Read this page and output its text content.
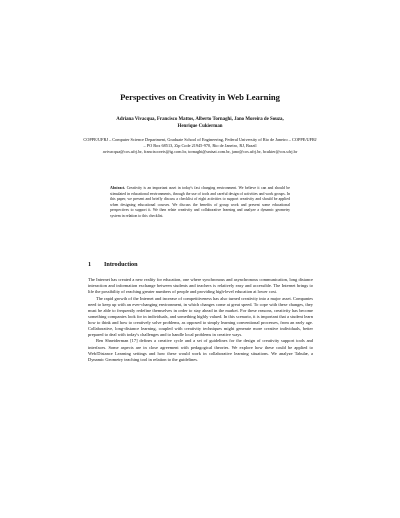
Perspectives on Creativity in Web Learning
Adriana Vivacqua, Francisco Mattos, Alberto Tornaghi, Jano Moreira de Souza,
Henrique Cukierman
COPPE/UFRJ – Computer Science Department, Graduate School of Engineering, Federal University of Rio de Janeiro – COPPE/UFRJ – PO Box 68513, Zip Code 21945-970, Rio de Janeiro, RJ, Brazil
avivacqua@cos.ufrj.br, franciscoreis@ig.com.br, tornaghi@unisat.com.br, jano@cos.ufrj.br, hcukier@cos.ufrj.br
Abstract. Creativity is an important asset in today's fast changing environment. We believe it can and should be stimulated in educational environments, through the use of tools and careful design of activities and work groups. In this paper, we present and briefly discuss a checklist of eight activities to support creativity and should be applied when designing educational courses. We discuss the benefits of group work and present some educational perspectives to support it. We then relate creativity and collaborative learning and analyze a dynamic geometry system in relation to this checklist.
1 Introduction

The Internet has created a new reality for education, one where synchronous and asynchronous communication, long distance interaction and information exchange between students and teachers is relatively easy and accessible. The Internet brings to life the possibility of reaching greater numbers of people and providing high-level education at lower cost.

The rapid growth of the Internet and increase of competitiveness has also turned creativity into a major asset. Companies need to keep up with an ever-changing environment, in which changes come at great speed. To cope with these changes, they must be able to frequently redefine themselves in order to stay ahead in the market. For these reasons, creativity has become something companies look for in individuals, and something highly valued. In this scenario, it is important that a student learn how to think and how to creatively solve problems, as opposed to simply learning conventional processes, from an early age. Collaborative, long-distance learning, coupled with creativity techniques might generate more creative individuals, better prepared to deal with today's challenges and to handle local problems in creative ways.

Ben Shneiderman [17] defines a creative cycle and a set of guidelines for the design of creativity support tools and interfaces. Some aspects are in close agreement with pedagogical theories. We explore how these could be applied to Web/Distance Learning settings and how these would work in collaborative learning situations. We analyze Tabulæ, a Dynamic Geometry teaching tool in relation to the guidelines.
